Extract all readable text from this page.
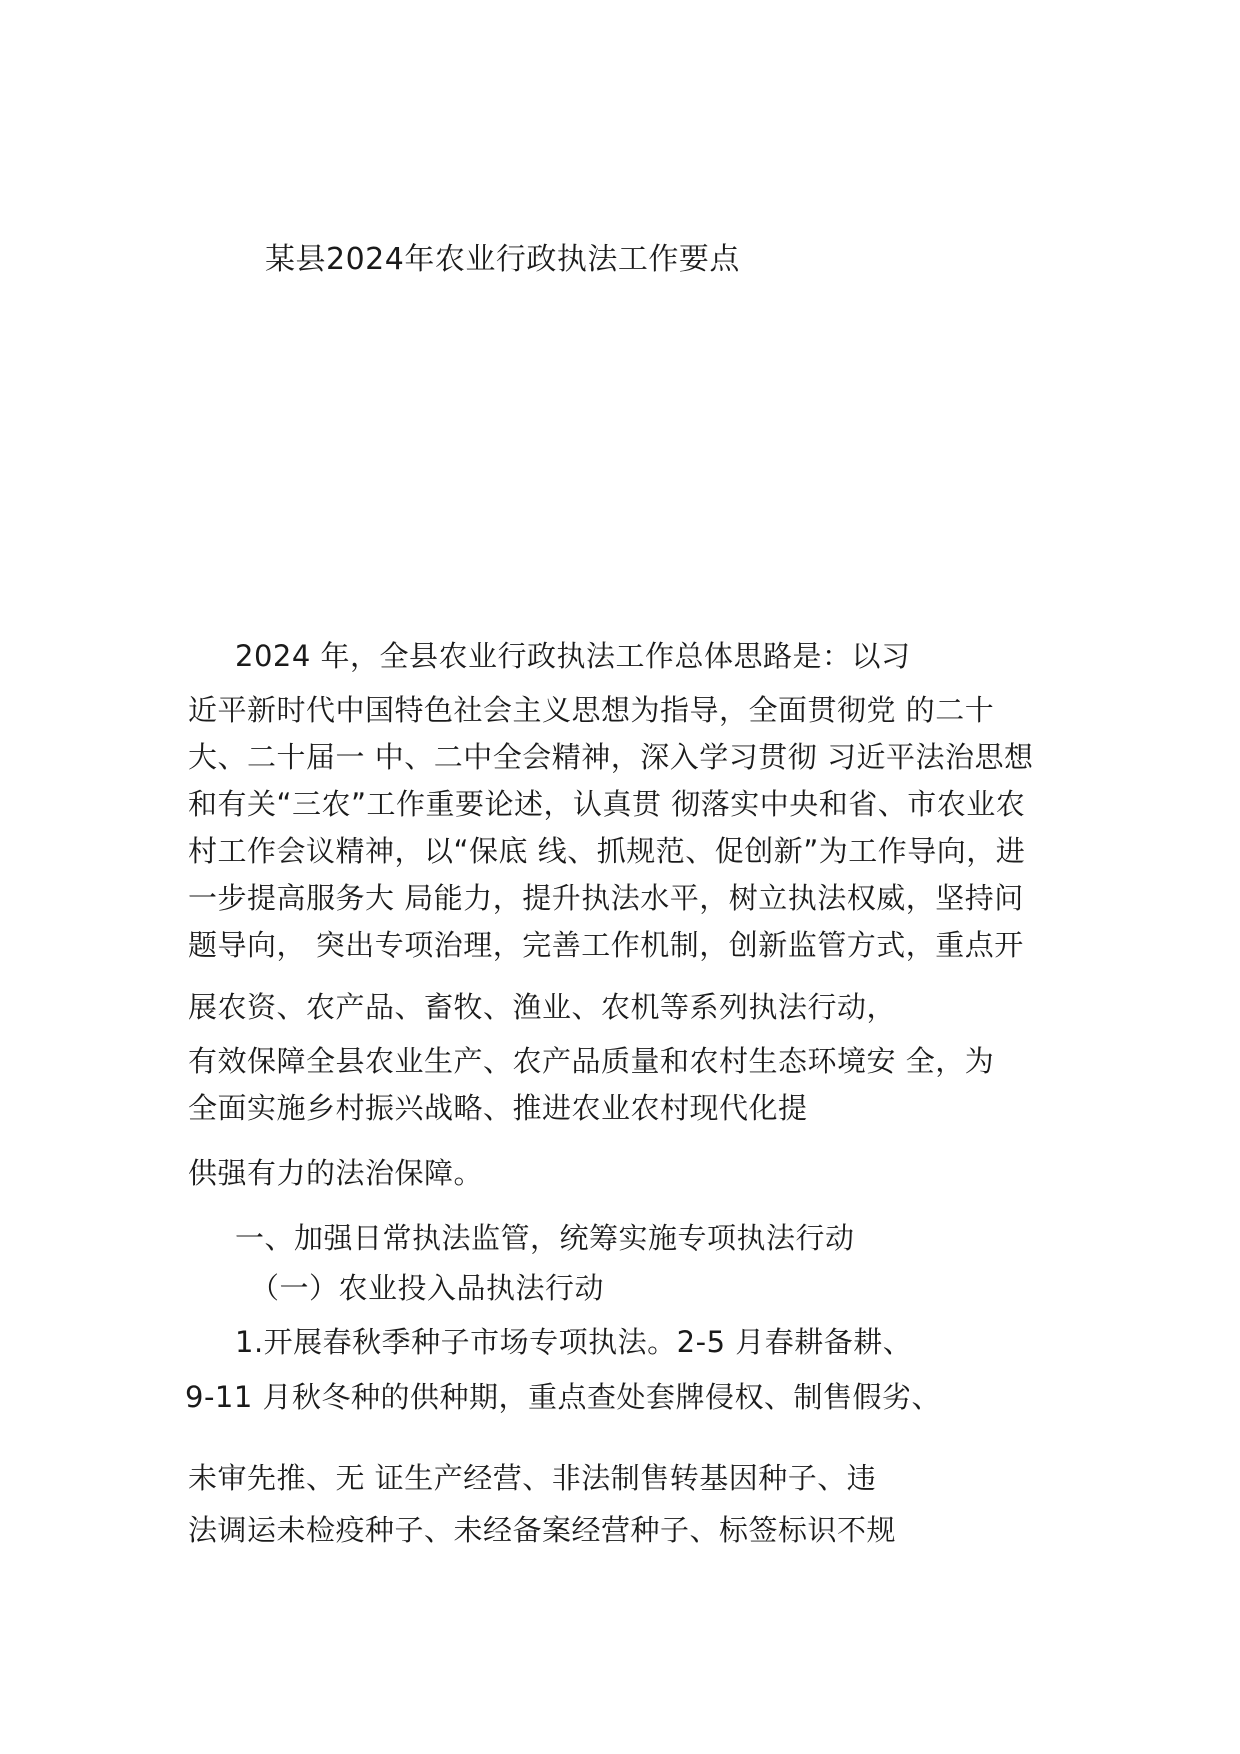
某县2024年农业行政执法工作要点
2024 年，全县农业行政执法工作总体思路是：以习
近平新时代中国特色社会主义思想为指导，全面贯彻党 的二十
大、二十届一 中、二中全会精神，深入学习贯彻 习近平法治思想
和有关“三农”工作重要论述，认真贯 彻落实中央和省、市农业农
村工作会议精神，以“保底 线、抓规范、促创新”为工作导向，进
一步提高服务大 局能力，提升执法水平，树立执法权威，坚持问
题导向， 突出专项治理，完善工作机制，创新监管方式，重点开
展农资、农产品、畜牧、渔业、农机等系列执法行动，
有效保障全县农业生产、农产品质量和农村生态环境安 全，为
全面实施乡村振兴战略、推进农业农村现代化提
供强有力的法治保障。
一、加强日常执法监管，统筹实施专项执法行动
（一）农业投入品执法行动
1.开展春秋季种子市场专项执法。2-5 月春耕备耕、
9-11 月秋冬种的供种期，重点查处套牌侵权、制售假劣、
未审先推、无 证生产经营、非法制售转基因种子、违
法调运未检疫种子、未经备案经营种子、标签标识不规
